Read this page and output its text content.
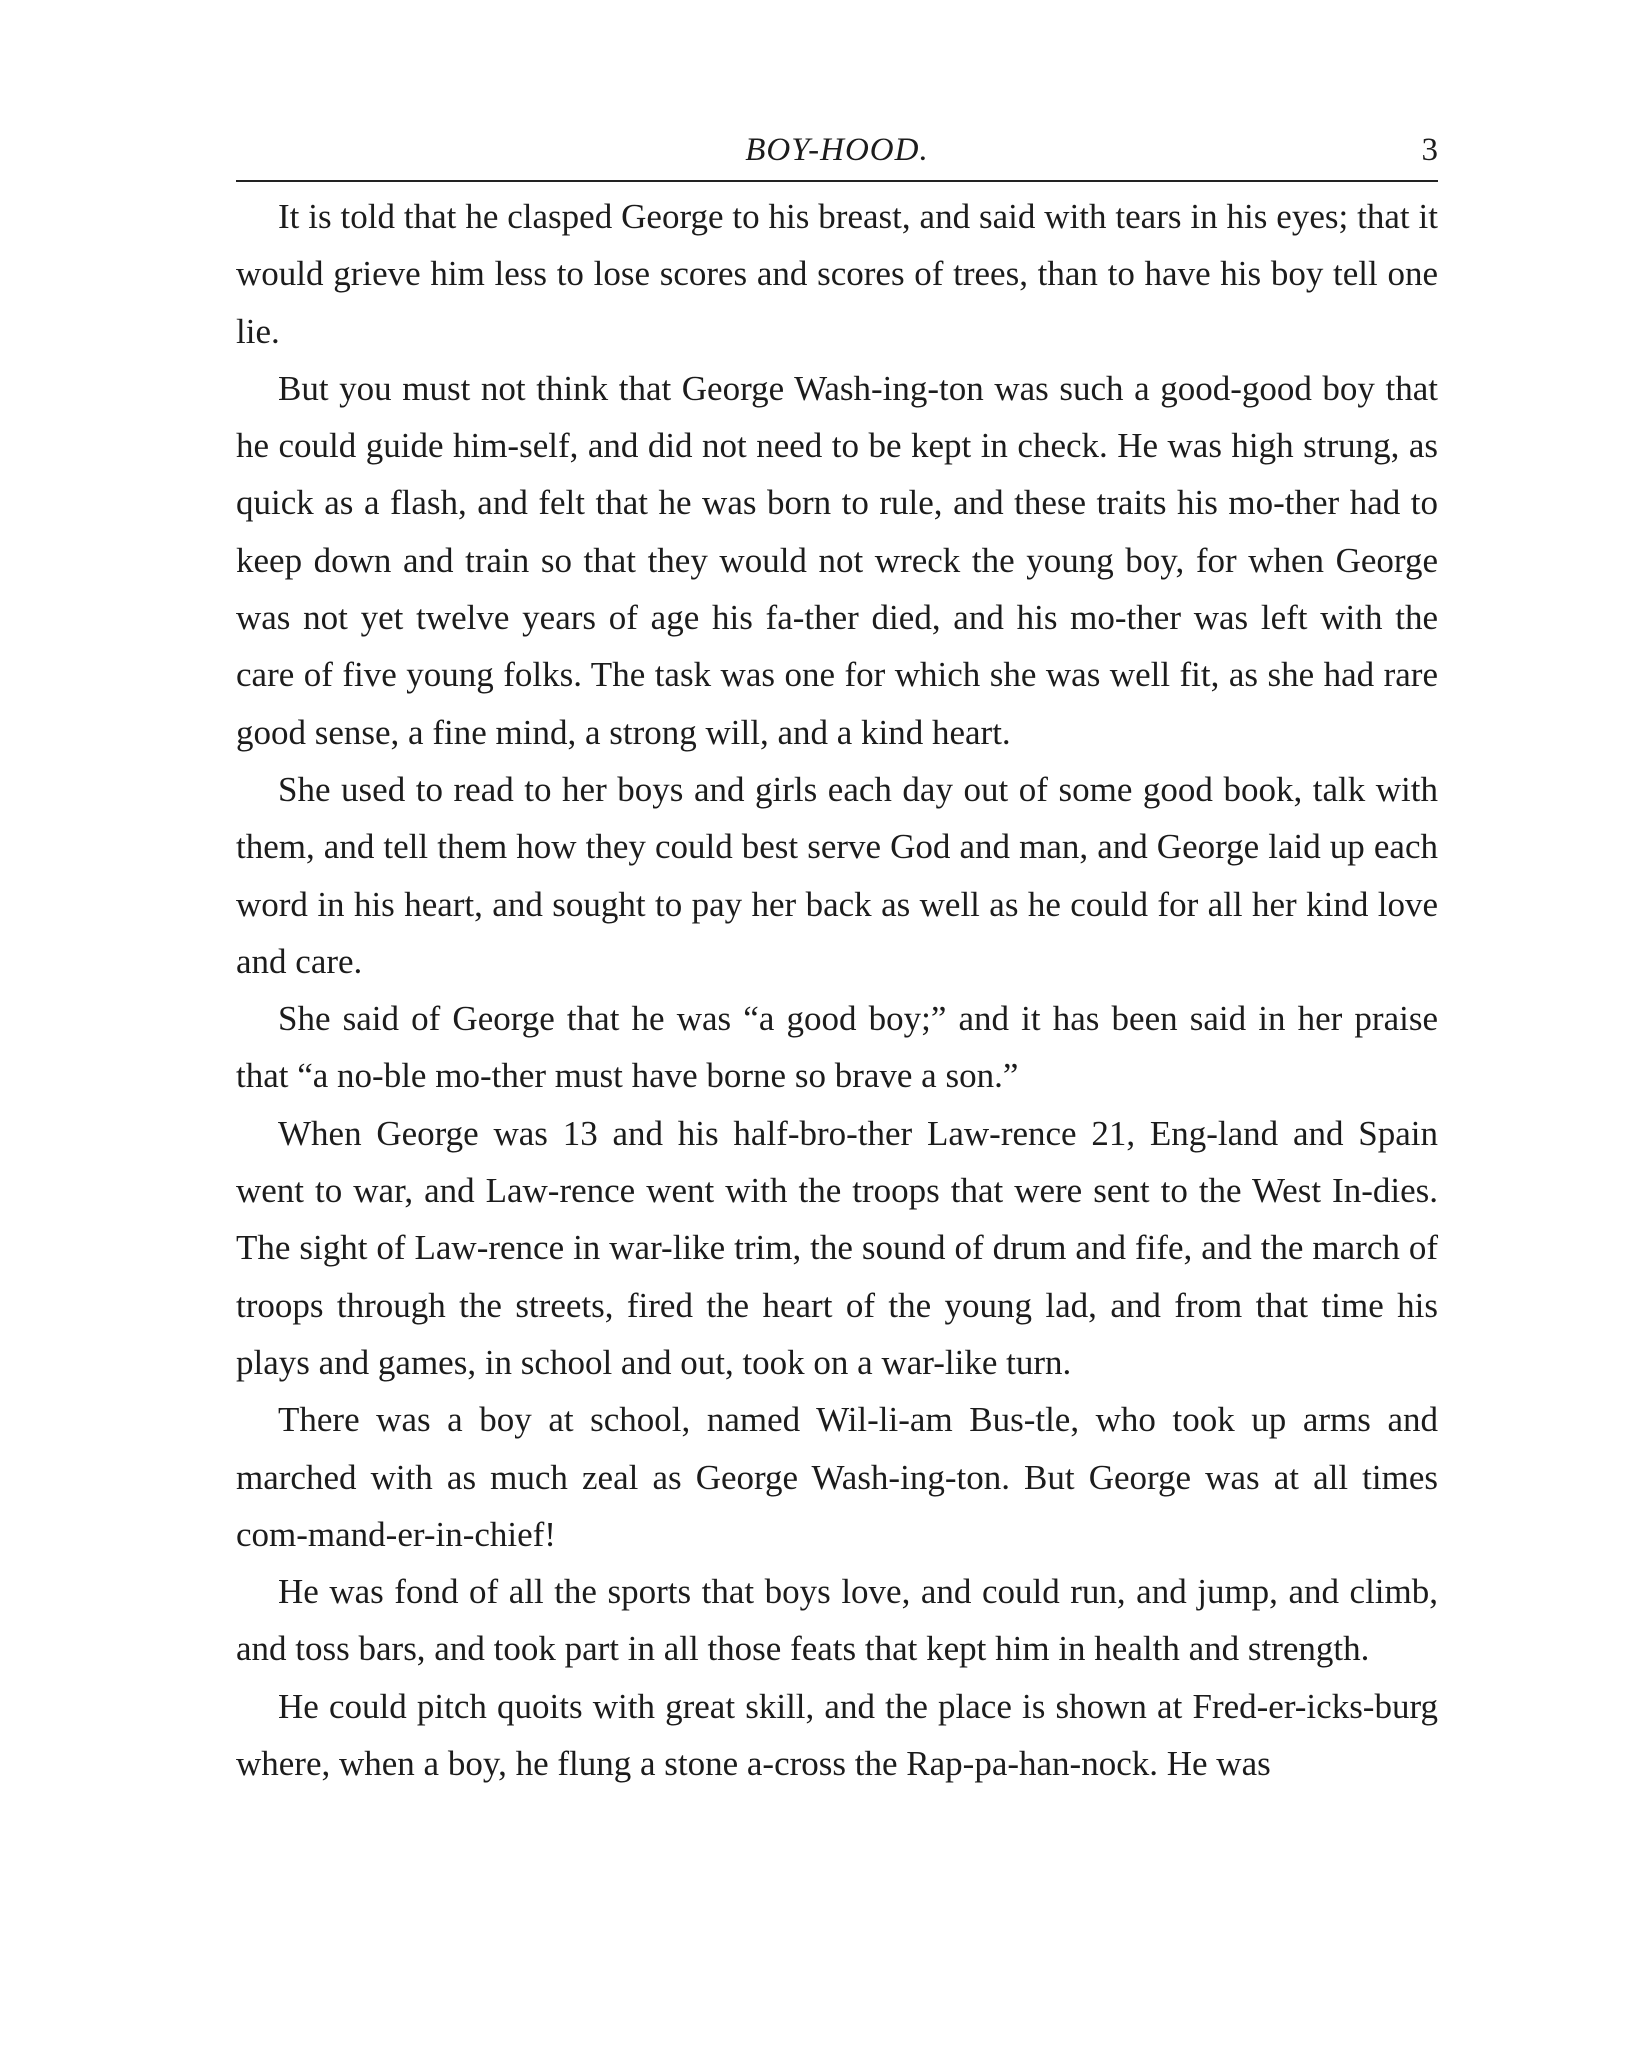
BOY-HOOD.	3

It is told that he clasped George to his breast, and said with tears in his eyes; that it would grieve him less to lose scores and scores of trees, than to have his boy tell one lie.

But you must not think that George Wash-ing-ton was such a good-good boy that he could guide him-self, and did not need to be kept in check. He was high strung, as quick as a flash, and felt that he was born to rule, and these traits his mo-ther had to keep down and train so that they would not wreck the young boy, for when George was not yet twelve years of age his fa-ther died, and his mo-ther was left with the care of five young folks. The task was one for which she was well fit, as she had rare good sense, a fine mind, a strong will, and a kind heart.

She used to read to her boys and girls each day out of some good book, talk with them, and tell them how they could best serve God and man, and George laid up each word in his heart, and sought to pay her back as well as he could for all her kind love and care.

She said of George that he was “a good boy;” and it has been said in her praise that “a no-ble mo-ther must have borne so brave a son.”

When George was 13 and his half-bro-ther Law-rence 21, Eng-land and Spain went to war, and Law-rence went with the troops that were sent to the West In-dies. The sight of Law-rence in war-like trim, the sound of drum and fife, and the march of troops through the streets, fired the heart of the young lad, and from that time his plays and games, in school and out, took on a war-like turn.

There was a boy at school, named Wil-li-am Bus-tle, who took up arms and marched with as much zeal as George Wash-ing-ton. But George was at all times com-mand-er-in-chief!

He was fond of all the sports that boys love, and could run, and jump, and climb, and toss bars, and took part in all those feats that kept him in health and strength.

He could pitch quoits with great skill, and the place is shown at Fred-er-icks-burg where, when a boy, he flung a stone a-cross the Rap-pa-han-nock. He was
